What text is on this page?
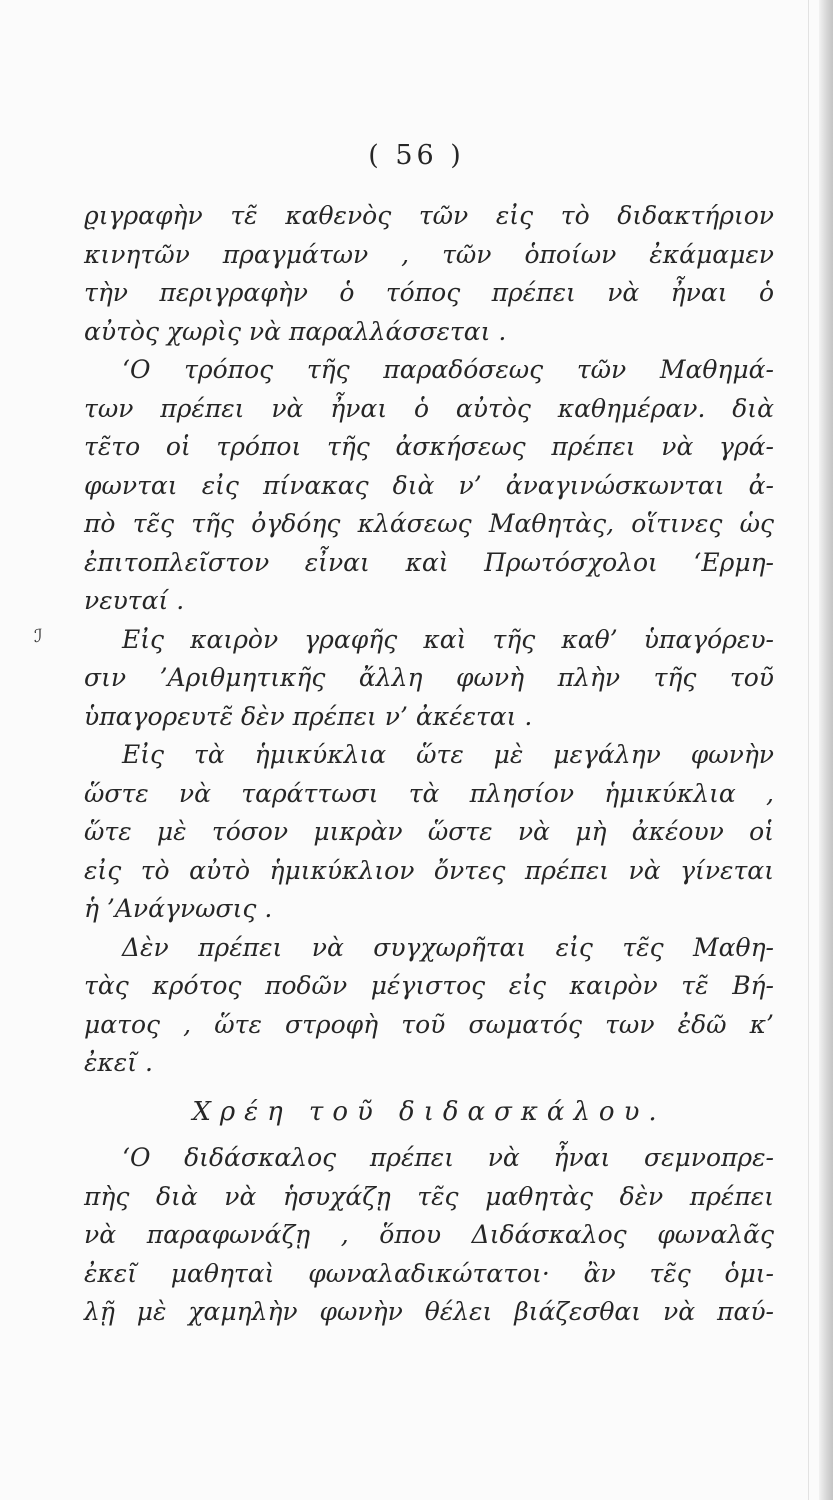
( 56 )
ℐ
ϱιγραφὴν τε̃ καθενὸς τῶν εἰς τὸ διδακτήριον
κινητῶν πραγμάτων , τῶν ὁποίων ἐκάμαμεν
τὴν περιγραφὴν ὁ τόπος πρέπει νὰ ἦναι ὁ
αὐτὸς χωρὶς νὰ παραλλάσσεται .
‘Ο τρόπος τῆς παραδόσεως τῶν Μαθημά-
των πρέπει νὰ ἦναι ὁ αὐτὸς καθημέραν. διὰ
τε̃το οἱ τρόποι τῆς ἀσκήσεως πρέπει νὰ γρά-
φωνται εἰς πίνακας διὰ ν’ ἀναγινώσκωνται ἀ-
πὸ τε̃ς τῆς ὀγδόης κλάσεως Μαθητὰς, οἵτινες ὡς
ἐπιτοπλεῖστον εἶναι καὶ Πρωτόσχολοι ‘Ερμη-
νευταί .
Εἰς καιρὸν γραφῆς καὶ τῆς καθ’ ὑπαγόρευ-
σιν ’Αριθμητικῆς ἄλλη φωνὴ πλὴν τῆς τοῦ
ὑπαγορευτε̃ δὲν πρέπει ν’ ἀκέεται .
Εἰς τὰ ἡμικύκλια ὥτε μὲ μεγάλην φωνὴν
ὥστε νὰ ταράττωσι τὰ πλησίον ἡμικύκλια ,
ὥτε μὲ τόσον μικρὰν ὥστε νὰ μὴ ἀκέουν οἱ
εἰς τὸ αὐτὸ ἡμικύκλιον ὄντες πρέπει νὰ γίνεται
ἡ ’Ανάγνωσις .
Δὲν πρέπει νὰ συγχωρῆται εἰς τε̃ς Μαθη-
τὰς κρότος ποδῶν μέγιστος εἰς καιρὸν τε̃ Βή-
ματος , ὥτε στροφὴ τοῦ σωματός των ἐδῶ κ’
ἐκεῖ .
Χρέη τοῦ διδασκάλου.
‘Ο διδάσκαλος πρέπει νὰ ἦναι σεμνοπρε-
πὴς διὰ νὰ ἡσυχάζῃ τε̃ς μαθητὰς δὲν πρέπει
νὰ παραφωνάζῃ , ὅπου Διδάσκαλος φωναλᾶς
ἐκεῖ μαθηταὶ φωναλαδικώτατοι· ἂν τε̃ς ὁμι-
λῇ μὲ χαμηλὴν φωνὴν θέλει βιάζεσθαι νὰ παύ-
